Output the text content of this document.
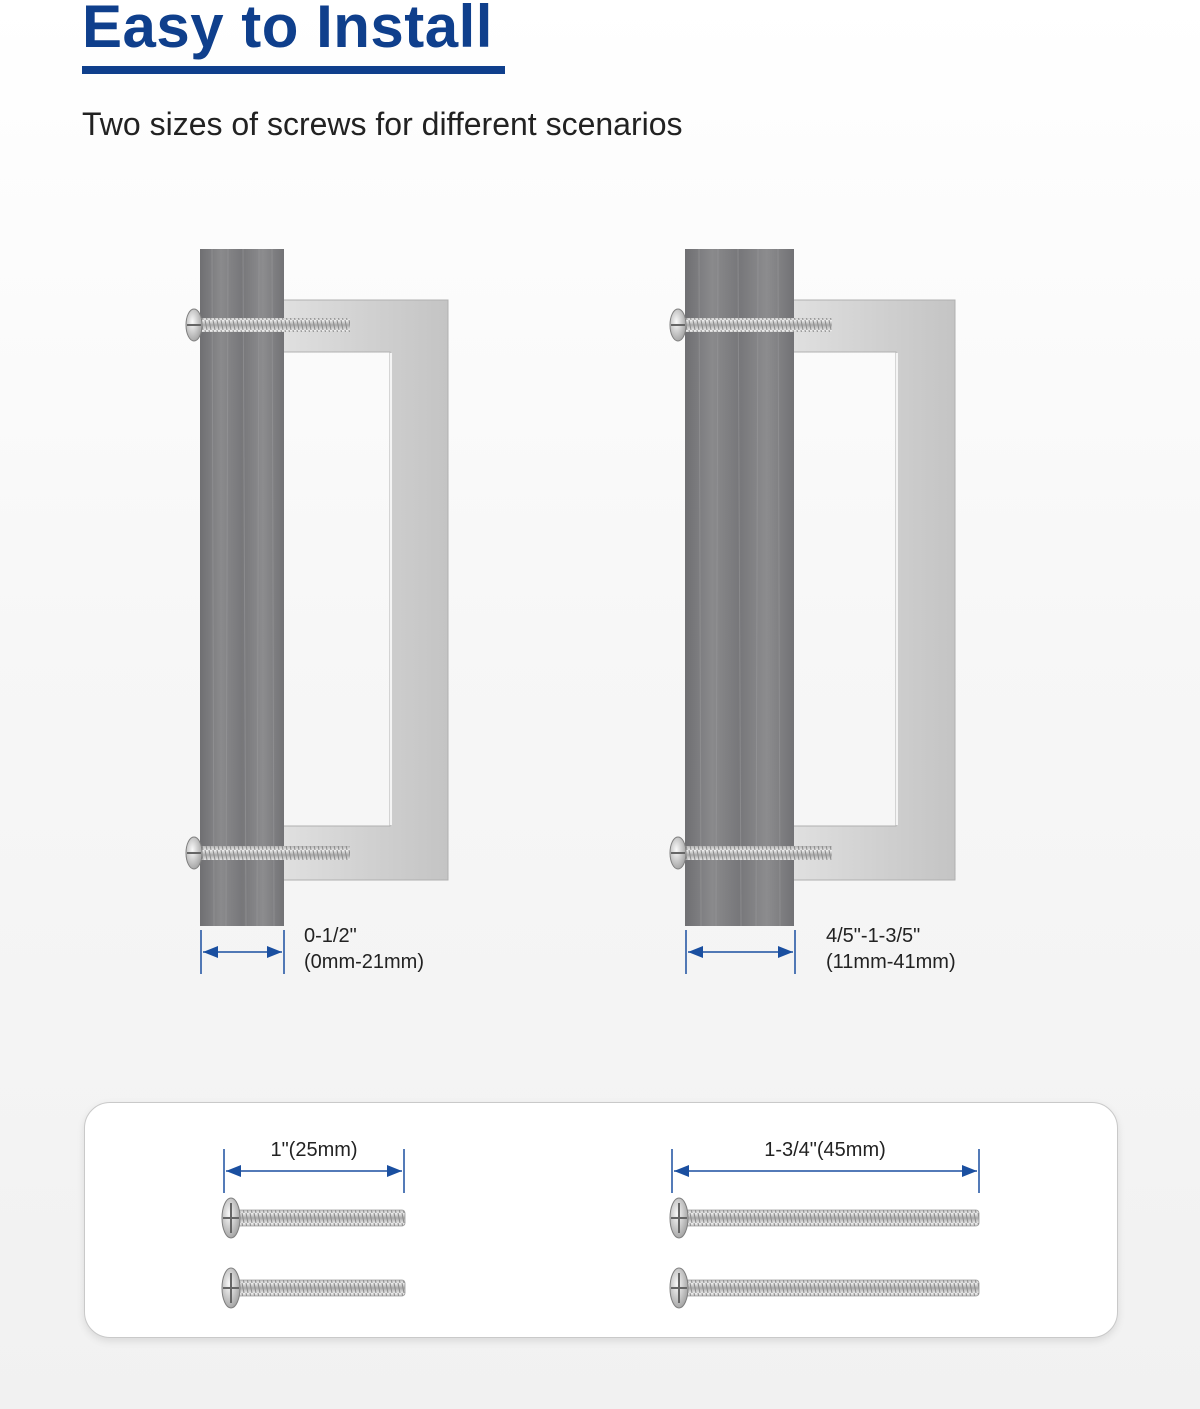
Easy to Install

Two sizes of screws for different scenarios

0-1/2"
(0mm-21mm)
4/5"-1-3/5"
(11mm-41mm)
1"(25mm)	1-3/4"(45mm)
